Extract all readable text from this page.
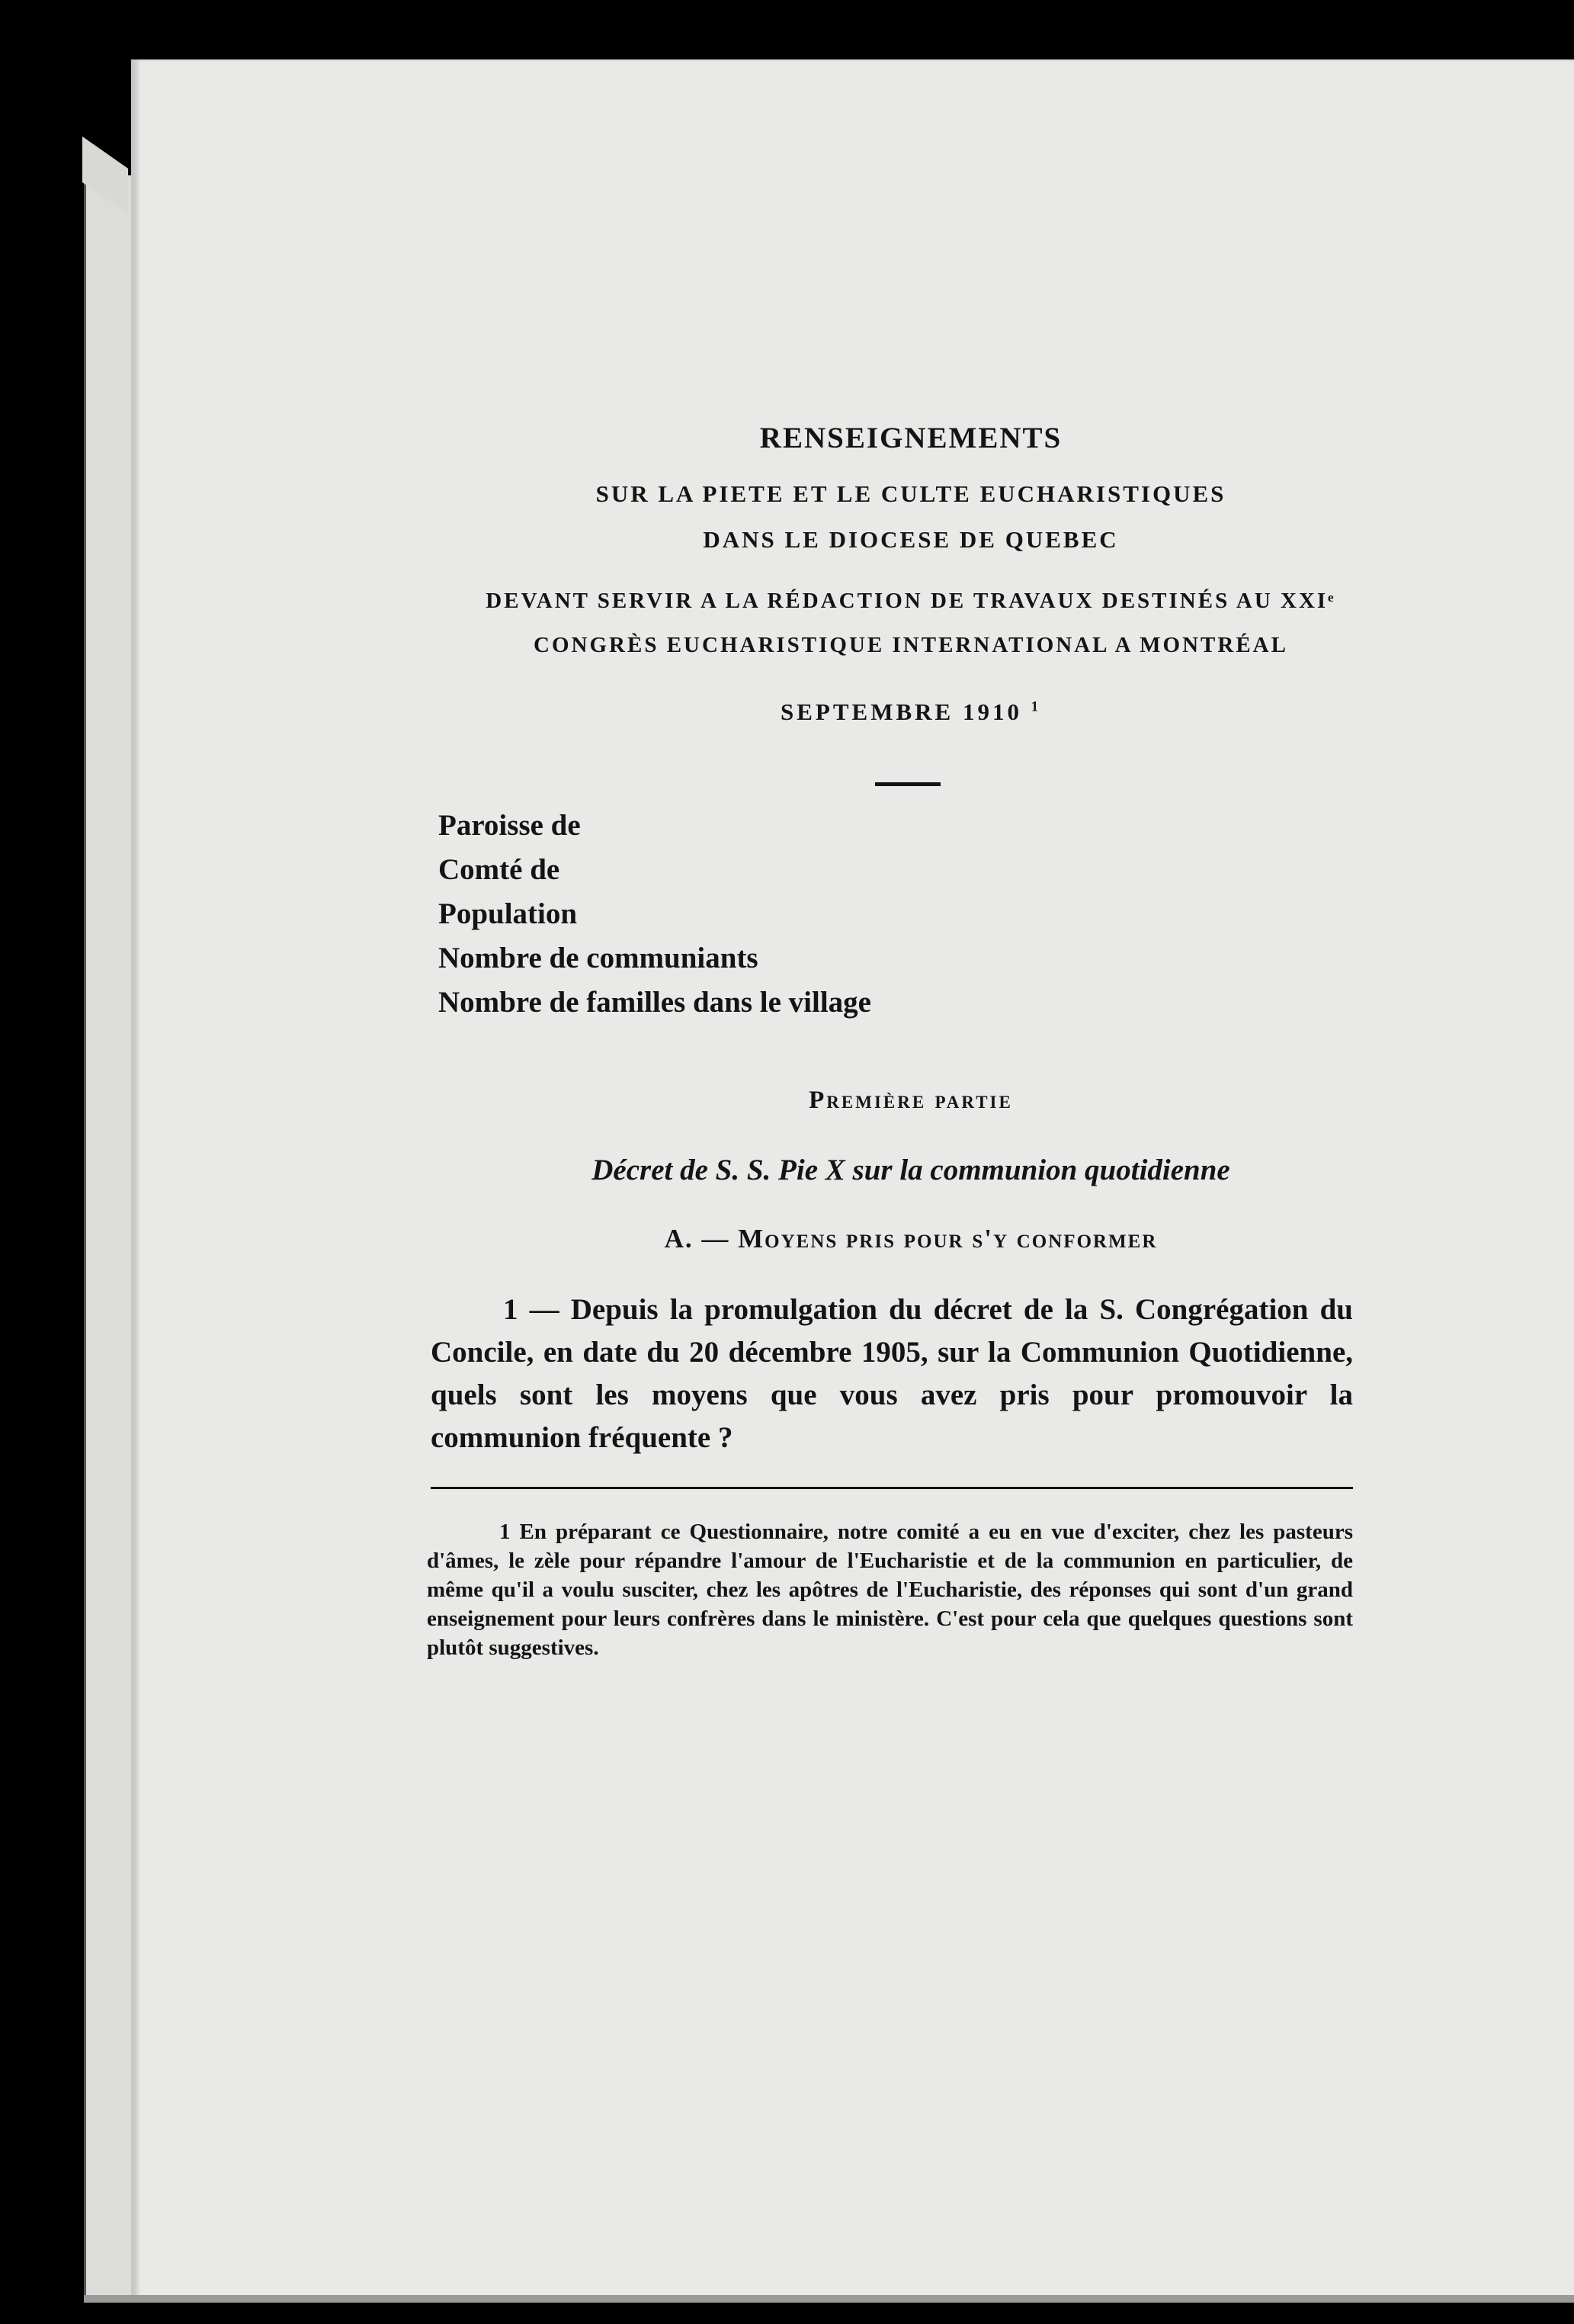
RENSEIGNEMENTS
SUR LA PIETE ET LE CULTE EUCHARISTIQUES
DANS LE DIOCESE DE QUEBEC
DEVANT SERVIR A LA RÉDACTION DE TRAVAUX DESTINÉS AU XXIᵉ
CONGRÈS EUCHARISTIQUE INTERNATIONAL A MONTRÉAL
SEPTEMBRE 1910 $^1$
Paroisse de
Comté de
Population
Nombre de communiants
Nombre de familles dans le village
Première partie
Décret de S. S. Pie X sur la communion quotidienne
A. — Moyens pris pour s'y conformer
1 — Depuis la promulgation du décret de la S. Congrégation du Concile, en date du 20 décembre 1905, sur la Communion Quotidienne, quels sont les moyens que vous avez pris pour promouvoir la communion fréquente ?
1 En préparant ce Questionnaire, notre comité a eu en vue d'exciter, chez les pasteurs d'âmes, le zèle pour répandre l'amour de l'Eucharistie et de la communion en particulier, de même qu'il a voulu susciter, chez les apôtres de l'Eucharistie, des réponses qui sont d'un grand enseignement pour leurs confrères dans le ministère. C'est pour cela que quelques questions sont plutôt suggestives.
